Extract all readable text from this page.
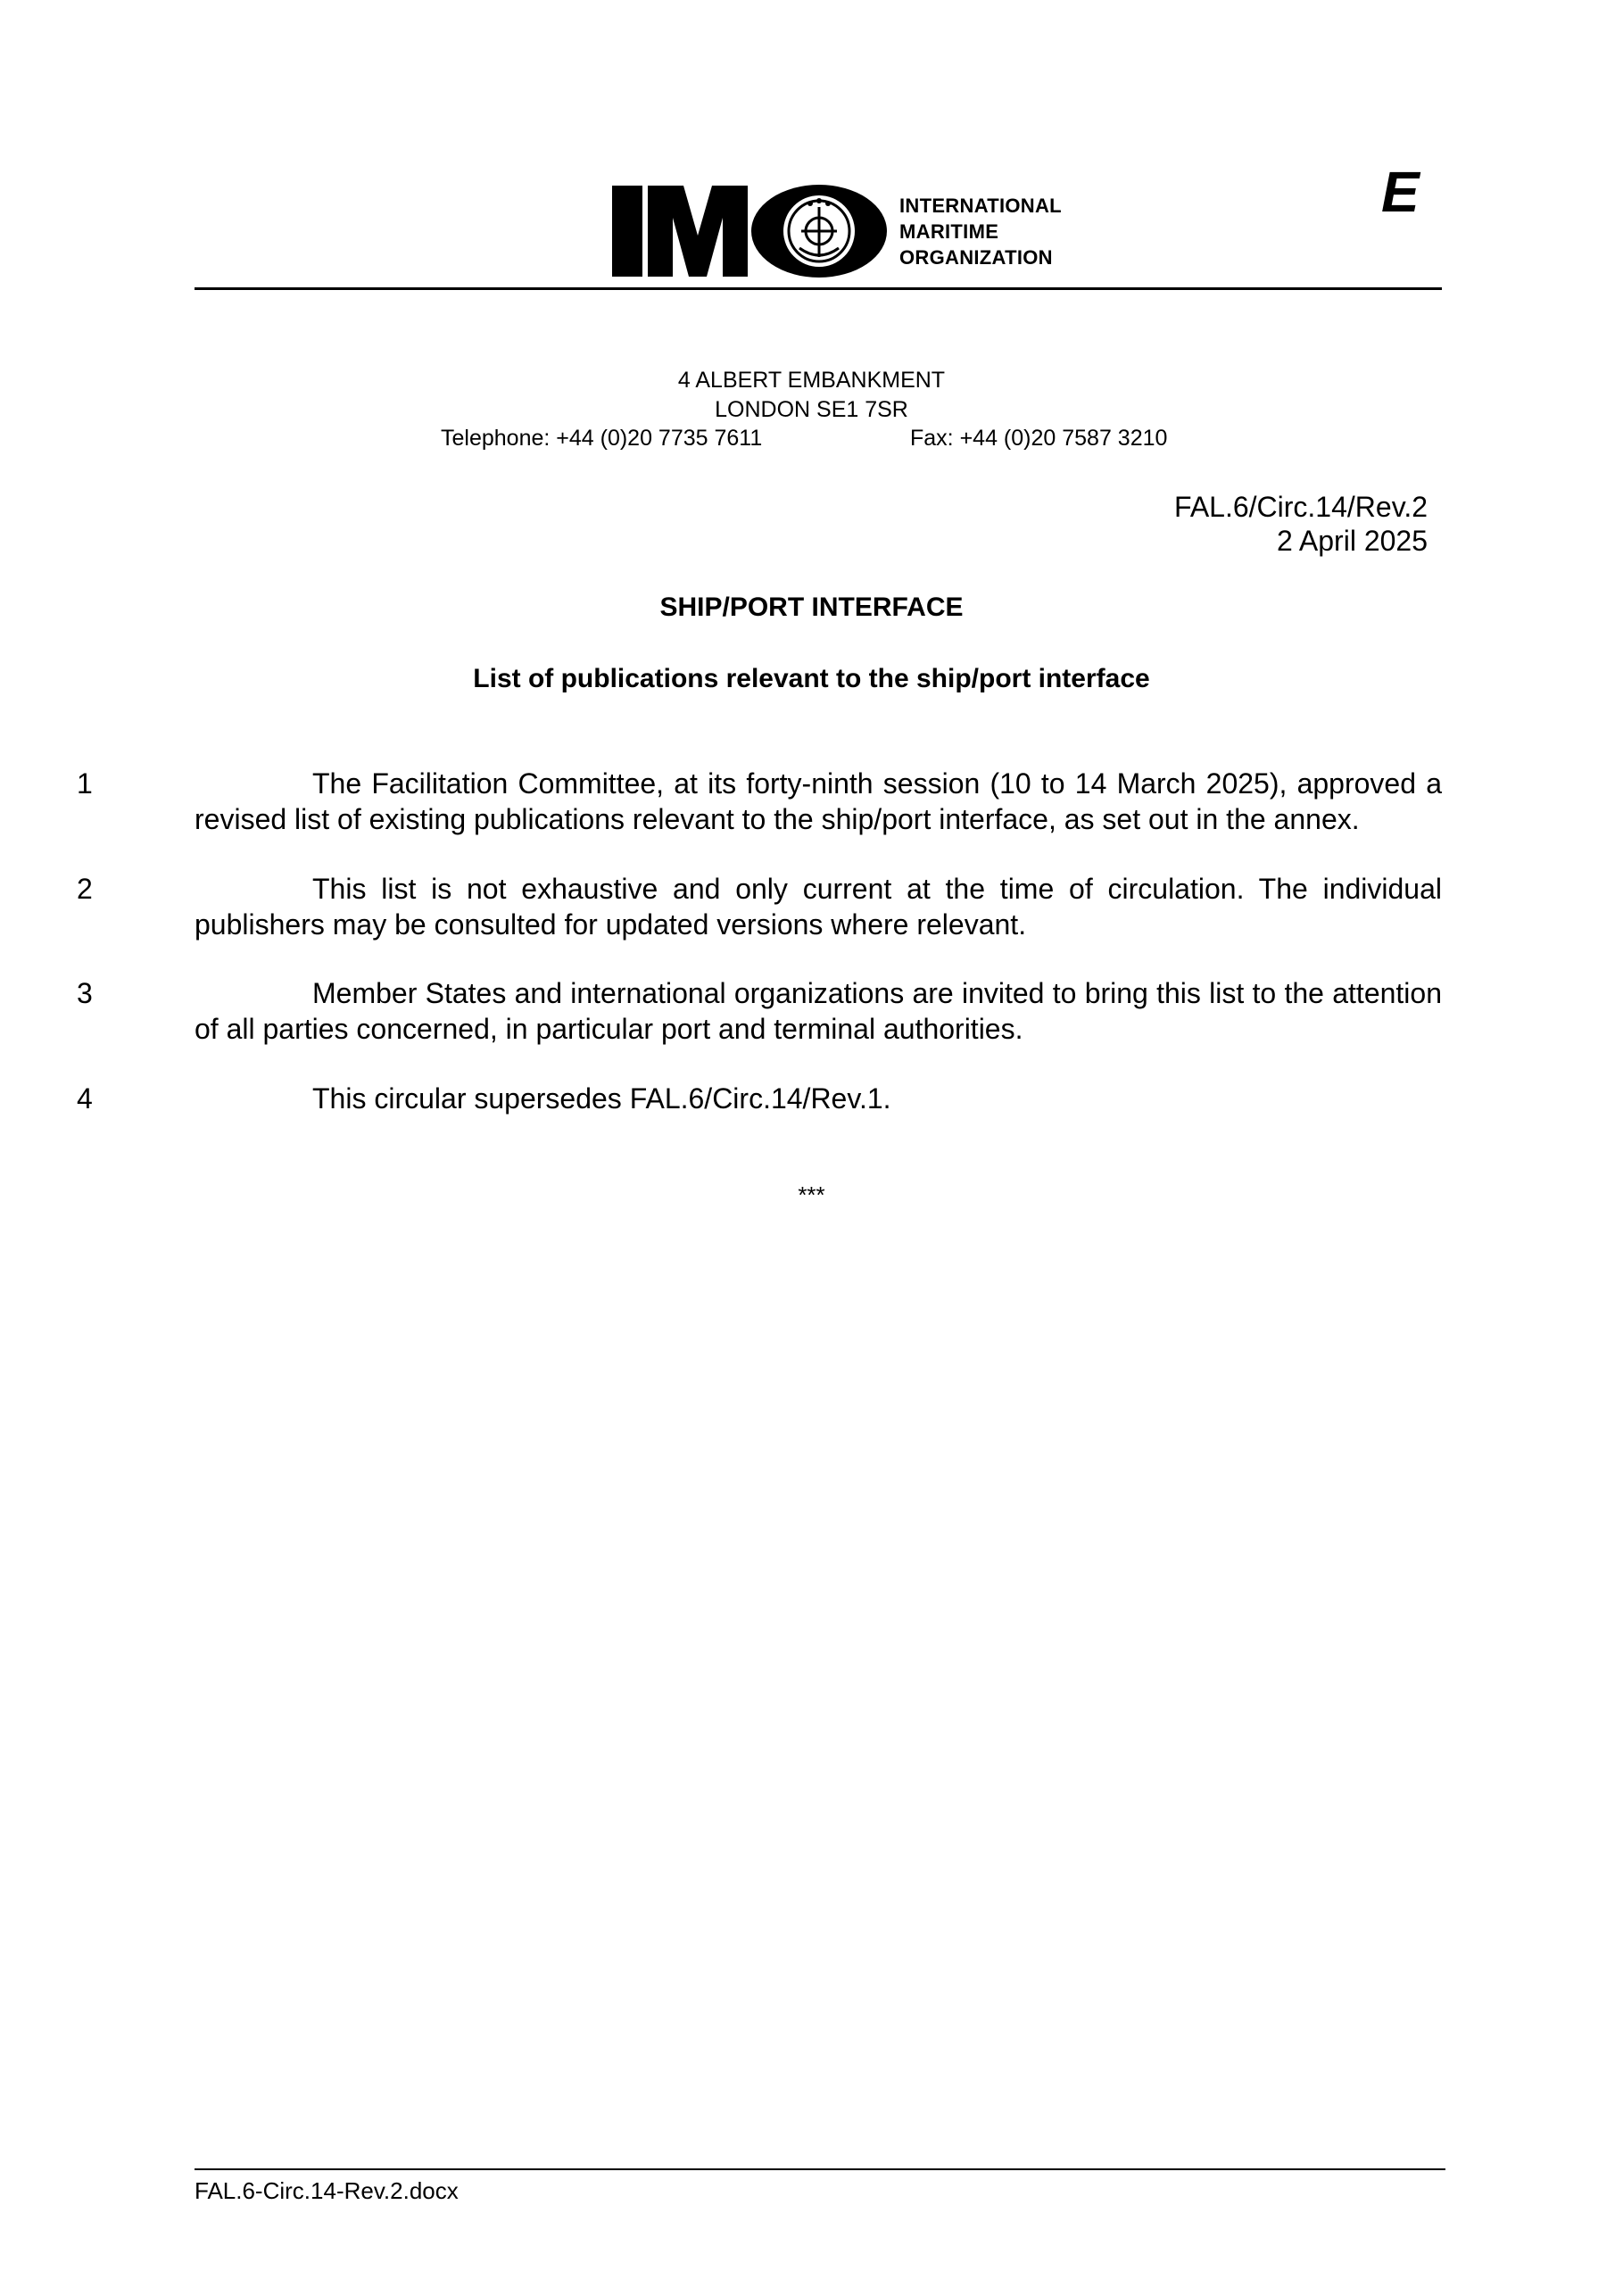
INTERNATIONAL
MARITIME
ORGANIZATION
E
4 ALBERT EMBANKMENT
LONDON SE1 7SR
Telephone: +44 (0)20 7735 7611	Fax: +44 (0)20 7587 3210
FAL.6/Circ.14/Rev.2
2 April 2025
SHIP/PORT INTERFACE
List of publications relevant to the ship/port interface
1	The Facilitation Committee, at its forty-ninth session (10 to 14 March 2025), approved a revised list of existing publications relevant to the ship/port interface, as set out in the annex.
2	This list is not exhaustive and only current at the time of circulation. The individual publishers may be consulted for updated versions where relevant.
3	Member States and international organizations are invited to bring this list to the attention of all parties concerned, in particular port and terminal authorities.
4	This circular supersedes FAL.6/Circ.14/Rev.1.
***
FAL.6-Circ.14-Rev.2.docx
